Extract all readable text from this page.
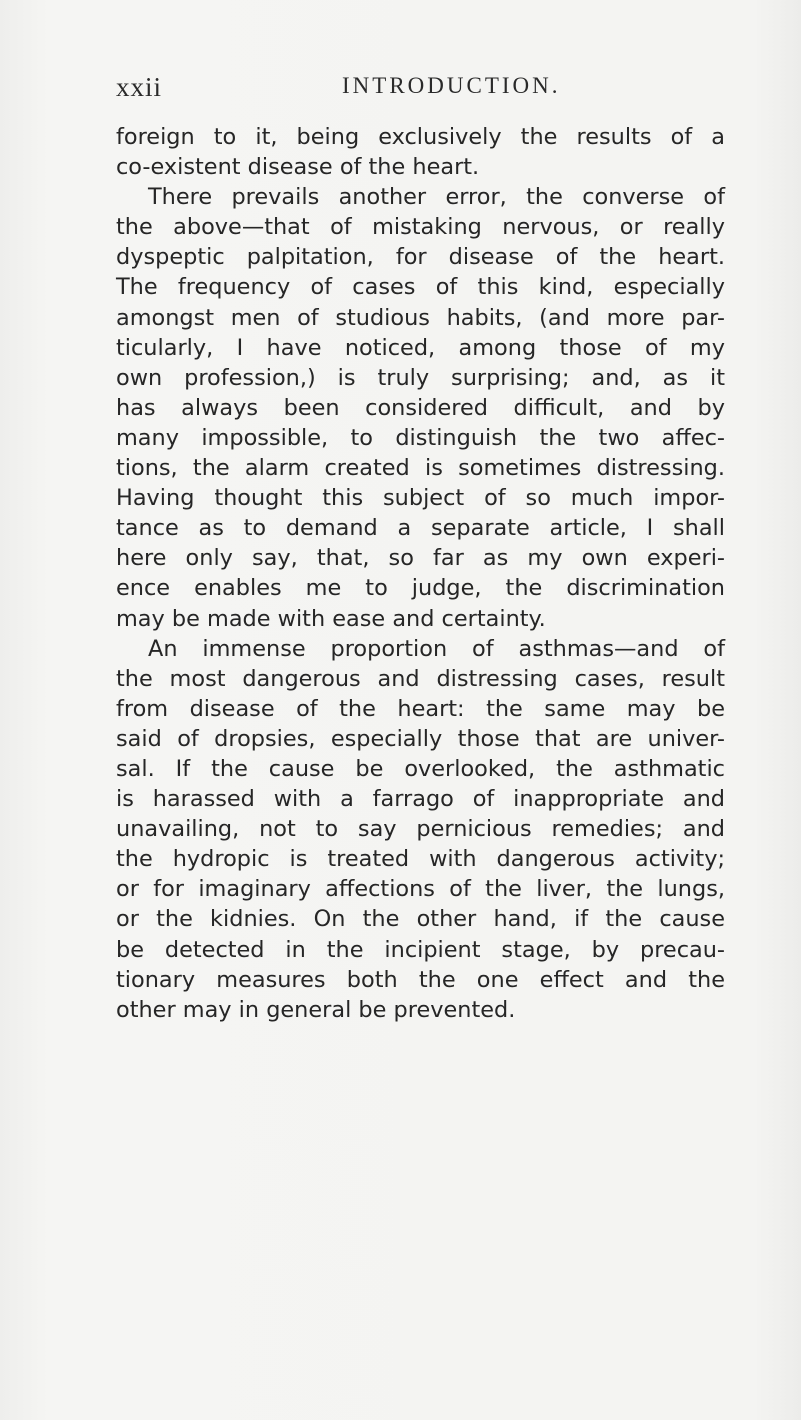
xxii	INTRODUCTION.
foreign to it, being exclusively the results of a
co-existent disease of the heart.
There prevails another error, the converse of
the above—that of mistaking nervous, or really
dyspeptic palpitation, for disease of the heart.
The frequency of cases of this kind, especially
amongst men of studious habits, (and more par-
ticularly, I have noticed, among those of my
own profession,) is truly surprising; and, as it
has always been considered difficult, and by
many impossible, to distinguish the two affec-
tions, the alarm created is sometimes distressing.
Having thought this subject of so much impor-
tance as to demand a separate article, I shall
here only say, that, so far as my own experi-
ence enables me to judge, the discrimination
may be made with ease and certainty.
An immense proportion of asthmas—and of
the most dangerous and distressing cases, result
from disease of the heart: the same may be
said of dropsies, especially those that are univer-
sal. If the cause be overlooked, the asthmatic
is harassed with a farrago of inappropriate and
unavailing, not to say pernicious remedies; and
the hydropic is treated with dangerous activity;
or for imaginary affections of the liver, the lungs,
or the kidnies. On the other hand, if the cause
be detected in the incipient stage, by precau-
tionary measures both the one effect and the
other may in general be prevented.
